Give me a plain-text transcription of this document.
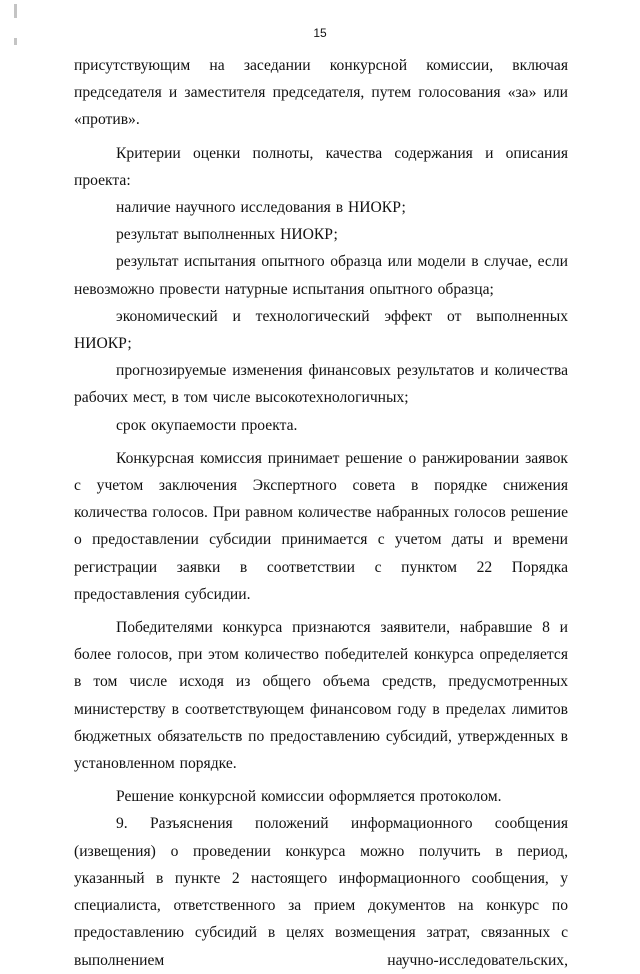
15

присутствующим на заседании конкурсной комиссии, включая председателя и заместителя председателя, путем голосования «за» или «против».

Критерии оценки полноты, качества содержания и описания проекта:

наличие научного исследования в НИОКР;

результат выполненных НИОКР;

результат испытания опытного образца или модели в случае, если невозможно провести натурные испытания опытного образца;

экономический и технологический эффект от выполненных НИОКР;

прогнозируемые изменения финансовых результатов и количества рабочих мест, в том числе высокотехнологичных;

срок окупаемости проекта.

Конкурсная комиссия принимает решение о ранжировании заявок с учетом заключения Экспертного совета в порядке снижения количества голосов. При равном количестве набранных голосов решение о предоставлении субсидии принимается с учетом даты и времени регистрации заявки в соответствии с пунктом 22 Порядка предоставления субсидии.

Победителями конкурса признаются заявители, набравшие 8 и более голосов, при этом количество победителей конкурса определяется в том числе исходя из общего объема средств, предусмотренных министерству в соответствующем финансовом году в пределах лимитов бюджетных обязательств по предоставлению субсидий, утвержденных в установленном порядке.

Решение конкурсной комиссии оформляется протоколом.

9. Разъяснения положений информационного сообщения (извещения) о проведении конкурса можно получить в период, указанный в пункте 2 настоящего информационного сообщения, у специалиста, ответственного за прием документов на конкурс по предоставлению субсидий в целях возмещения затрат, связанных с выполнением научно-исследовательских,
